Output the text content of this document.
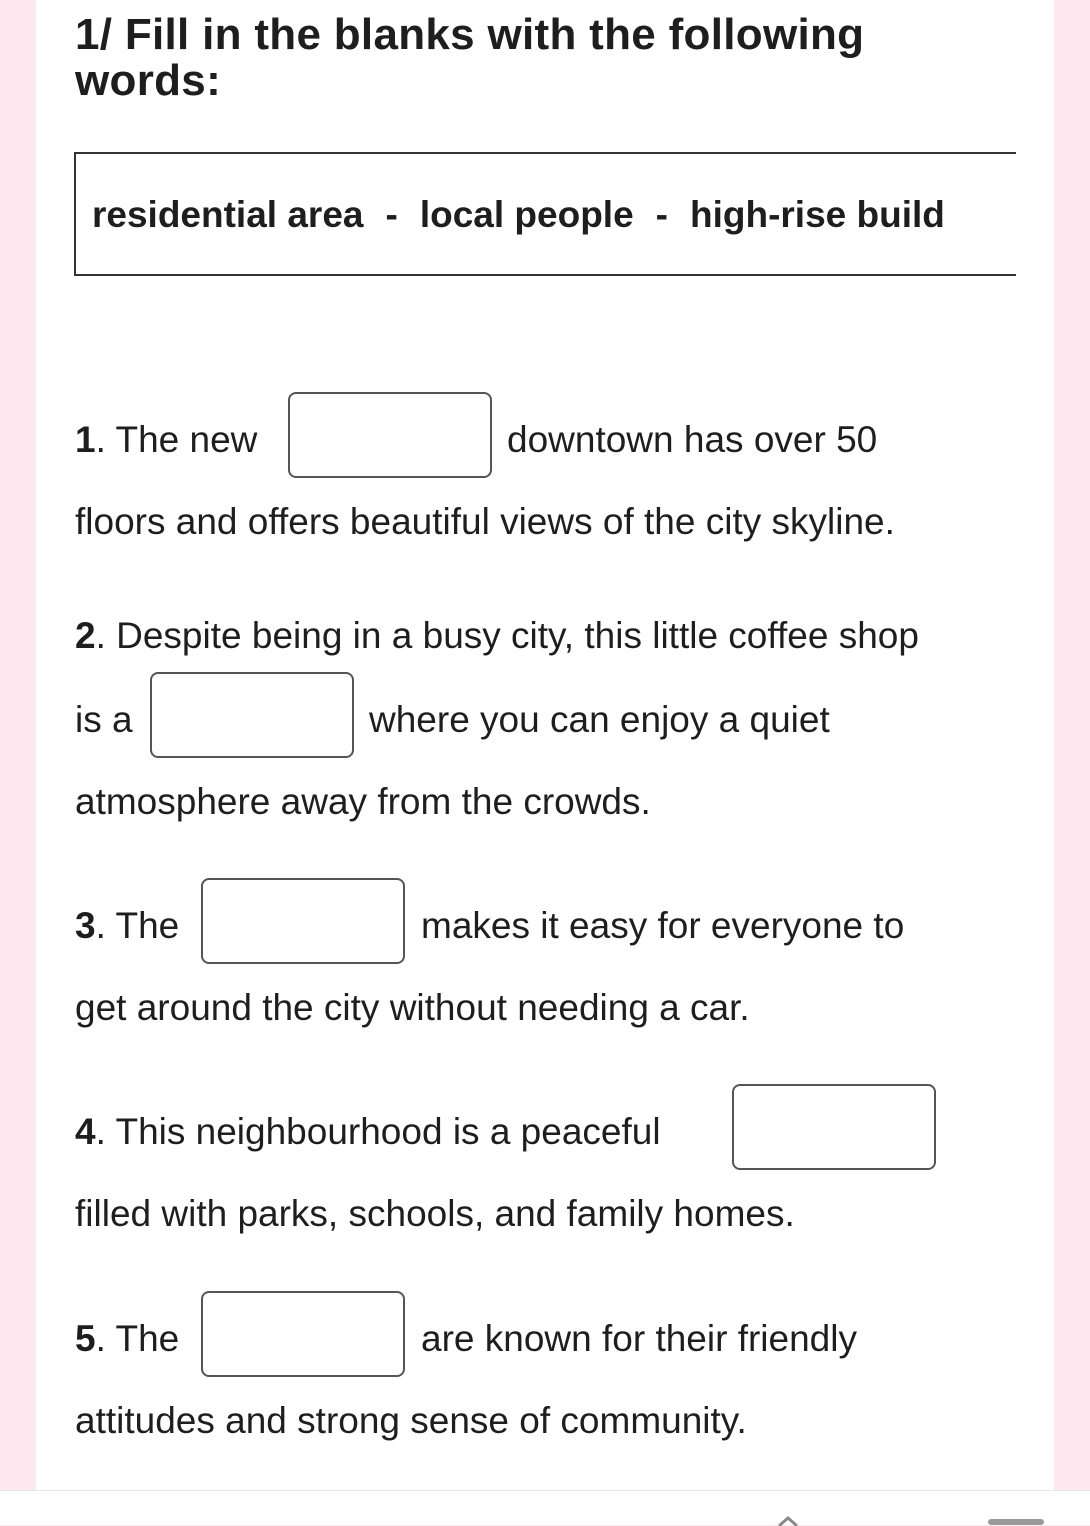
1/ Fill in the blanks with the following
words:
residential area - local people - high-rise build
1. The new	downtown has over 50
floors and offers beautiful views of the city skyline.
2. Despite being in a busy city, this little coffee shop
is a	where you can enjoy a quiet
atmosphere away from the crowds.
3. The	makes it easy for everyone to
get around the city without needing a car.
4. This neighbourhood is a peaceful
filled with parks, schools, and family homes.
5. The	are known for their friendly
attitudes and strong sense of community.
